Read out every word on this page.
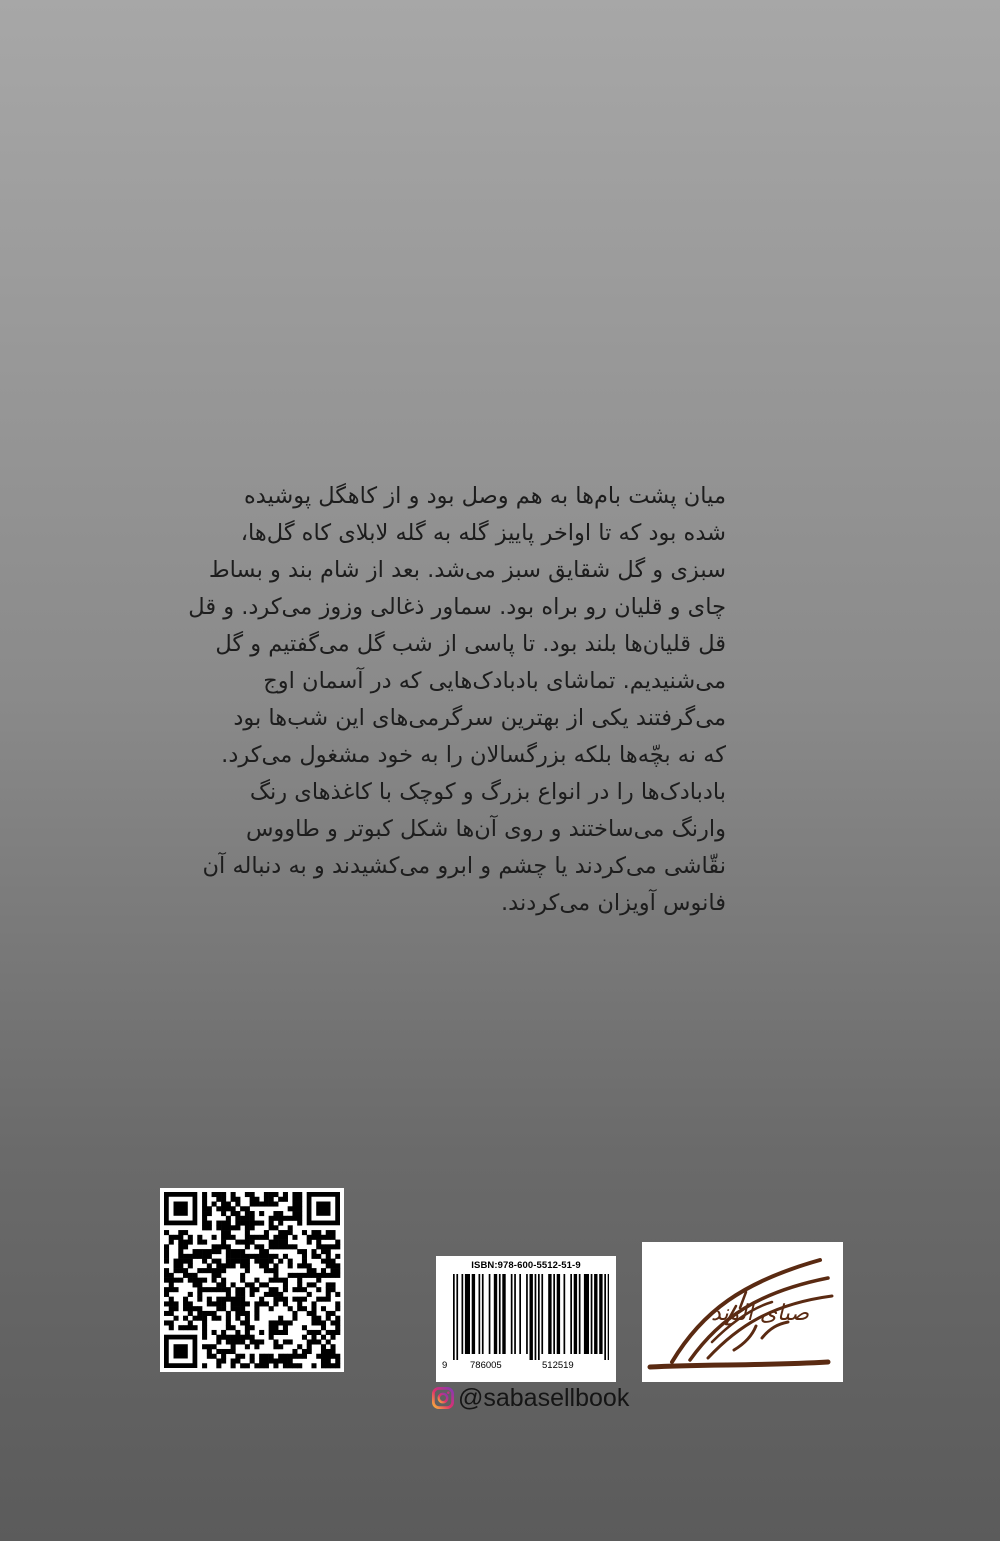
میان پشت بام‌ها به هم وصل بود و از کاهگل پوشیده
شده بود که تا اواخر پاییز گله به گله لابلای کاه گل‌ها،
سبزی و گل شقایق سبز می‌شد. بعد از شام بند و بساط
چای و قلیان رو براه بود. سماور ذغالی وزوز می‌کرد. و قل
قل قلیان‌ها بلند بود. تا پاسی از شب گل می‌گفتیم و گل
می‌شنیدیم. تماشای بادبادک‌هایی که در آسمان اوج
می‌گرفتند یکی از بهترین سرگرمی‌های این شب‌ها بود
که نه بچّه‌ها بلکه بزرگسالان را به خود مشغول می‌کرد.
بادبادک‌ها را در انواع بزرگ و کوچک با کاغذهای رنگ
وارنگ می‌ساختند و روی آن‌ها شکل کبوتر و طاووس
نقّاشی می‌کردند یا چشم و ابرو می‌کشیدند و به دنباله آن
فانوس آویزان می‌کردند.
ISBN:978-600-5512-51-9
9 786005	512519
صبای الوند
@sabasellbook
